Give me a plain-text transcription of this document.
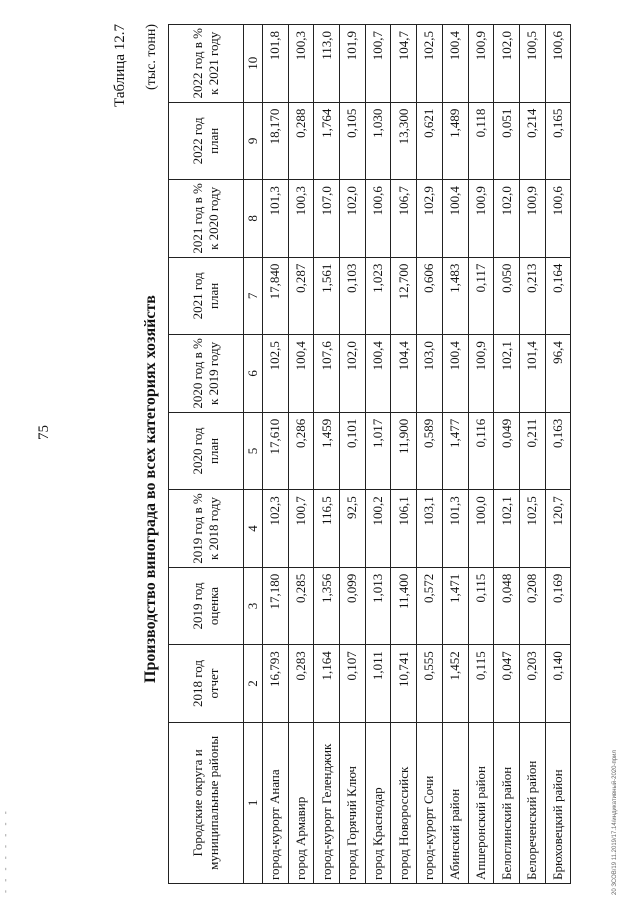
75
Таблица 12.7
Производство винограда во всех категориях хозяйств
(тыс. тонн)
Городские округа и муниципальные районы	2018 год отчет	2019 год оценка	2019 год в % к 2018 году	2020 год план	2020 год в % к 2019 году	2021 год план	2021 год в % к 2020 году	2022 год план	2022 год в % к 2021 году
1	2	3	4	5	6	7	8	9	10
город-курорт Анапа	16,793	17,180	102,3	17,610	102,5	17,840	101,3	18,170	101,8
город Армавир	0,283	0,285	100,7	0,286	100,4	0,287	100,3	0,288	100,3
город-курорт Геленджик	1,164	1,356	116,5	1,459	107,6	1,561	107,0	1,764	113,0
город Горячий Ключ	0,107	0,099	92,5	0,101	102,0	0,103	102,0	0,105	101,9
город Краснодар	1,011	1,013	100,2	1,017	100,4	1,023	100,6	1,030	100,7
город Новороссийск	10,741	11,400	106,1	11,900	104,4	12,700	106,7	13,300	104,7
город-курорт Сочи	0,555	0,572	103,1	0,589	103,0	0,606	102,9	0,621	102,5
Абинский район	1,452	1,471	101,3	1,477	100,4	1,483	100,4	1,489	100,4
Апшеронский район	0,115	0,115	100,0	0,116	100,9	0,117	100,9	0,118	100,9
Белоглинский район	0,047	0,048	102,1	0,049	102,1	0,050	102,0	0,051	102,0
Белореченский район	0,203	0,208	102,5	0,211	101,4	0,213	100,9	0,214	100,5
Брюховецкий район	0,140	0,169	120,7	0,163	96,4	0,164	100,6	0,165	100,6
20 ЗСОВ/19 11.2019/17.14/индикативный-2020-прил
- - - - - - - -
